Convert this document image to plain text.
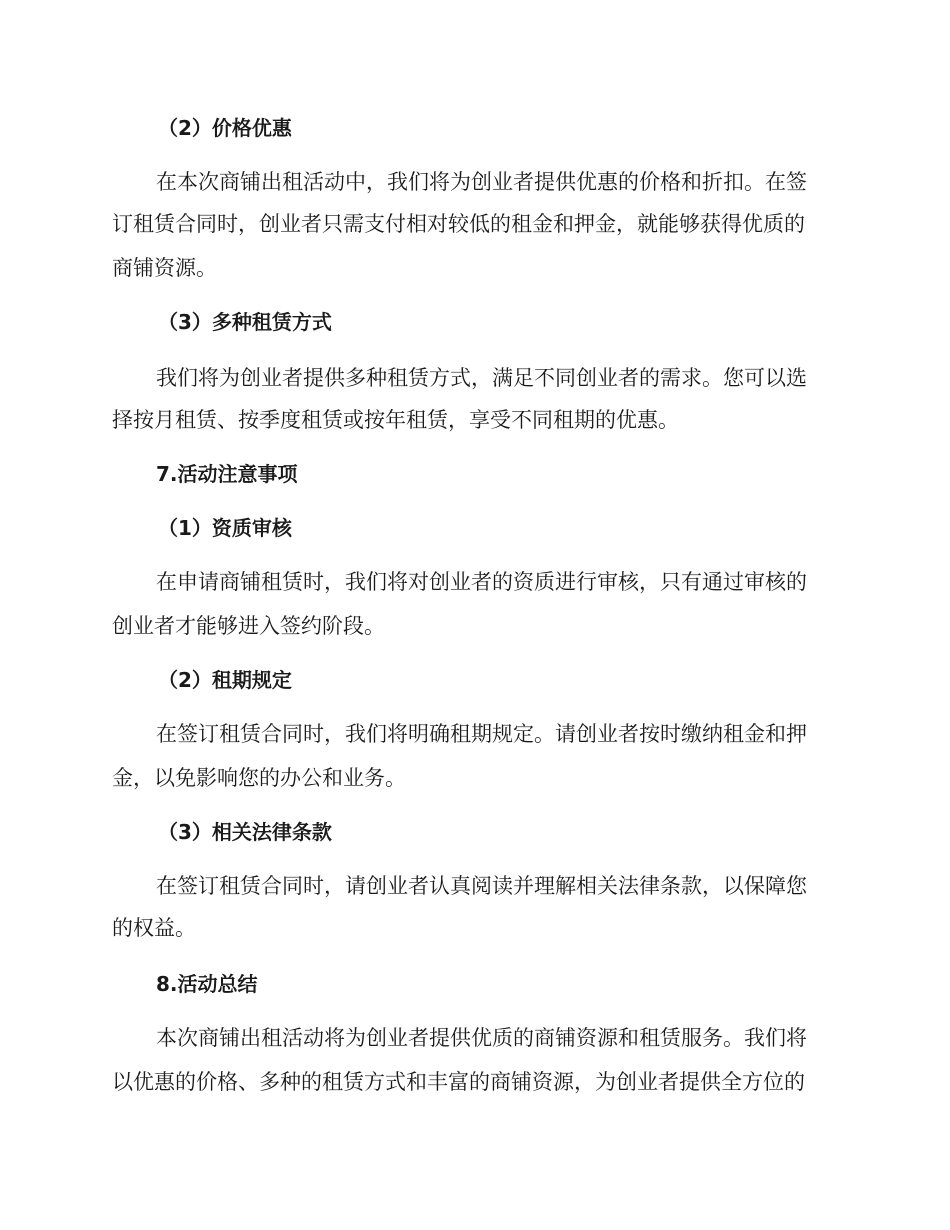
（2）价格优惠
在本次商铺出租活动中，我们将为创业者提供优惠的价格和折扣。在签
订租赁合同时，创业者只需支付相对较低的租金和押金，就能够获得优质的
商铺资源。
（3）多种租赁方式
我们将为创业者提供多种租赁方式，满足不同创业者的需求。您可以选
择按月租赁、按季度租赁或按年租赁，享受不同租期的优惠。
7.活动注意事项
（1）资质审核
在申请商铺租赁时，我们将对创业者的资质进行审核，只有通过审核的
创业者才能够进入签约阶段。
（2）租期规定
在签订租赁合同时，我们将明确租期规定。请创业者按时缴纳租金和押
金，以免影响您的办公和业务。
（3）相关法律条款
在签订租赁合同时，请创业者认真阅读并理解相关法律条款，以保障您
的权益。
8.活动总结
本次商铺出租活动将为创业者提供优质的商铺资源和租赁服务。我们将
以优惠的价格、多种的租赁方式和丰富的商铺资源，为创业者提供全方位的
